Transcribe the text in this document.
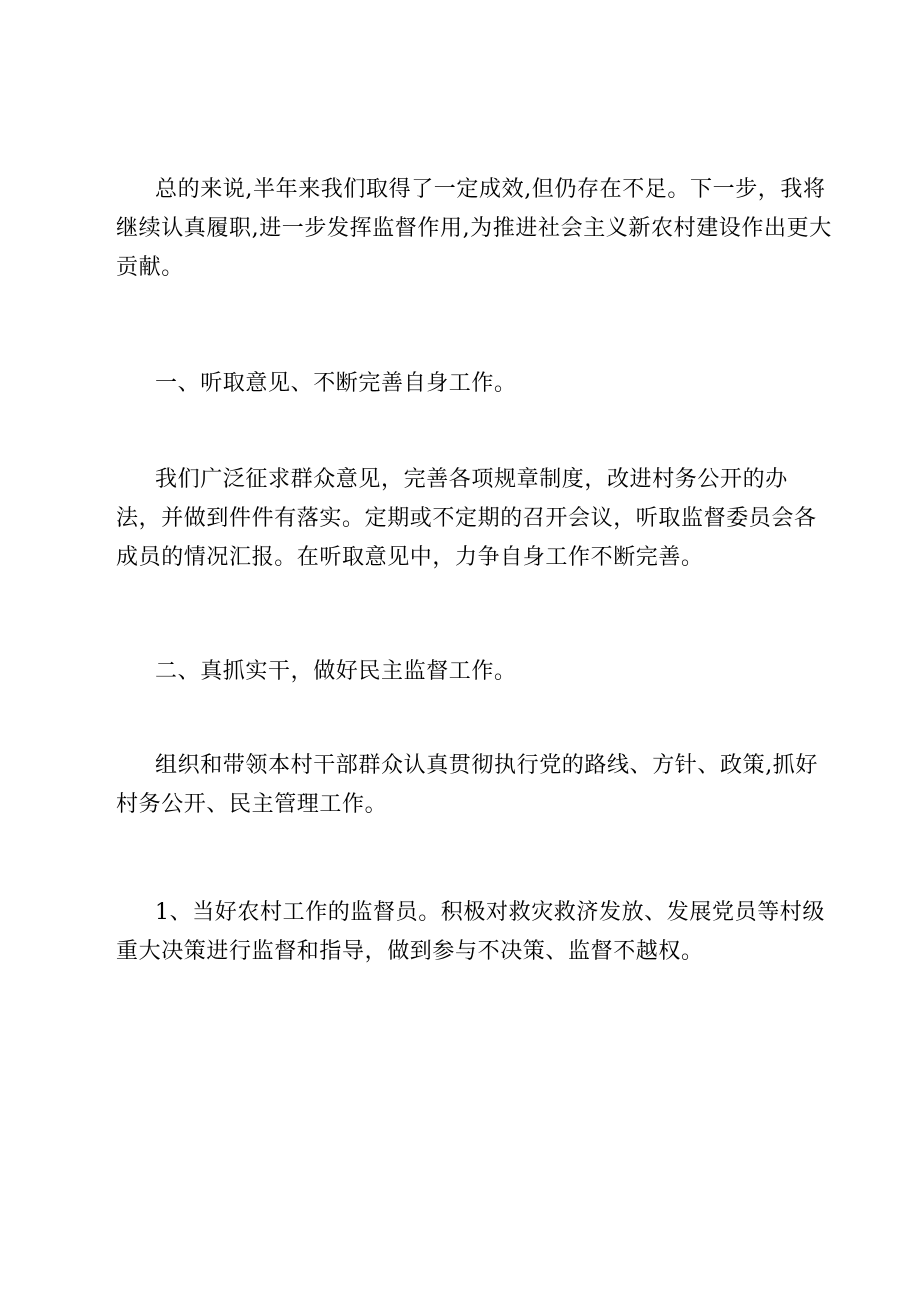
总的来说,半年来我们取得了一定成效,但仍存在不足。下一步，我将继续认真履职,进一步发挥监督作用,为推进社会主义新农村建设作出更大贡献。

一、听取意见、不断完善自身工作。

我们广泛征求群众意见，完善各项规章制度，改进村务公开的办法，并做到件件有落实。定期或不定期的召开会议，听取监督委员会各成员的情况汇报。在听取意见中，力争自身工作不断完善。

二、真抓实干，做好民主监督工作。

组织和带领本村干部群众认真贯彻执行党的路线、方针、政策,抓好村务公开、民主管理工作。

1、当好农村工作的监督员。积极对救灾救济发放、发展党员等村级重大决策进行监督和指导，做到参与不决策、监督不越权。
